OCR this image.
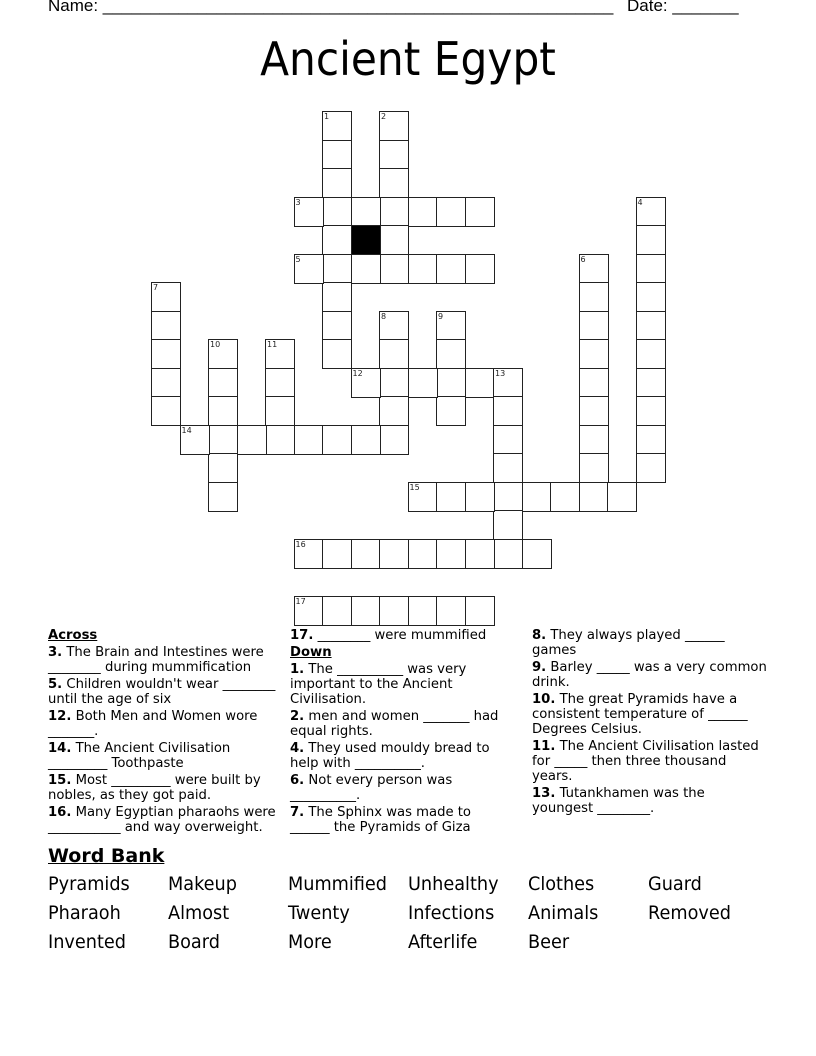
Name: ______________________________________________________ Date: _______
Ancient Egypt
1	2
3	4
5	6
7
8	9
10	11
12	13
14
15
16
17
Across
3. The Brain and Intestines were ________ during mummification
5. Children wouldn't wear ________ until the age of six
12. Both Men and Women wore _______.
14. The Ancient Civilisation _________ Toothpaste
15. Most _________ were built by nobles, as they got paid.
16. Many Egyptian pharaohs were ___________ and way overweight.
17. ________ were mummified
Down
1. The __________ was very important to the Ancient Civilisation.
2. men and women _______ had equal rights.
4. They used mouldy bread to help with __________.
6. Not every person was __________.
7. The Sphinx was made to ______ the Pyramids of Giza
8. They always played ______ games
9. Barley _____ was a very common drink.
10. The great Pyramids have a consistent temperature of ______ Degrees Celsius.
11. The Ancient Civilisation lasted for _____ then three thousand years.
13. Tutankhamen was the youngest ________.
Word Bank
Pyramids	Makeup	Mummified	Unhealthy	Clothes	Guard
Pharaoh	Almost	Twenty	Infections	Animals	Removed
Invented	Board	More	Afterlife	Beer
